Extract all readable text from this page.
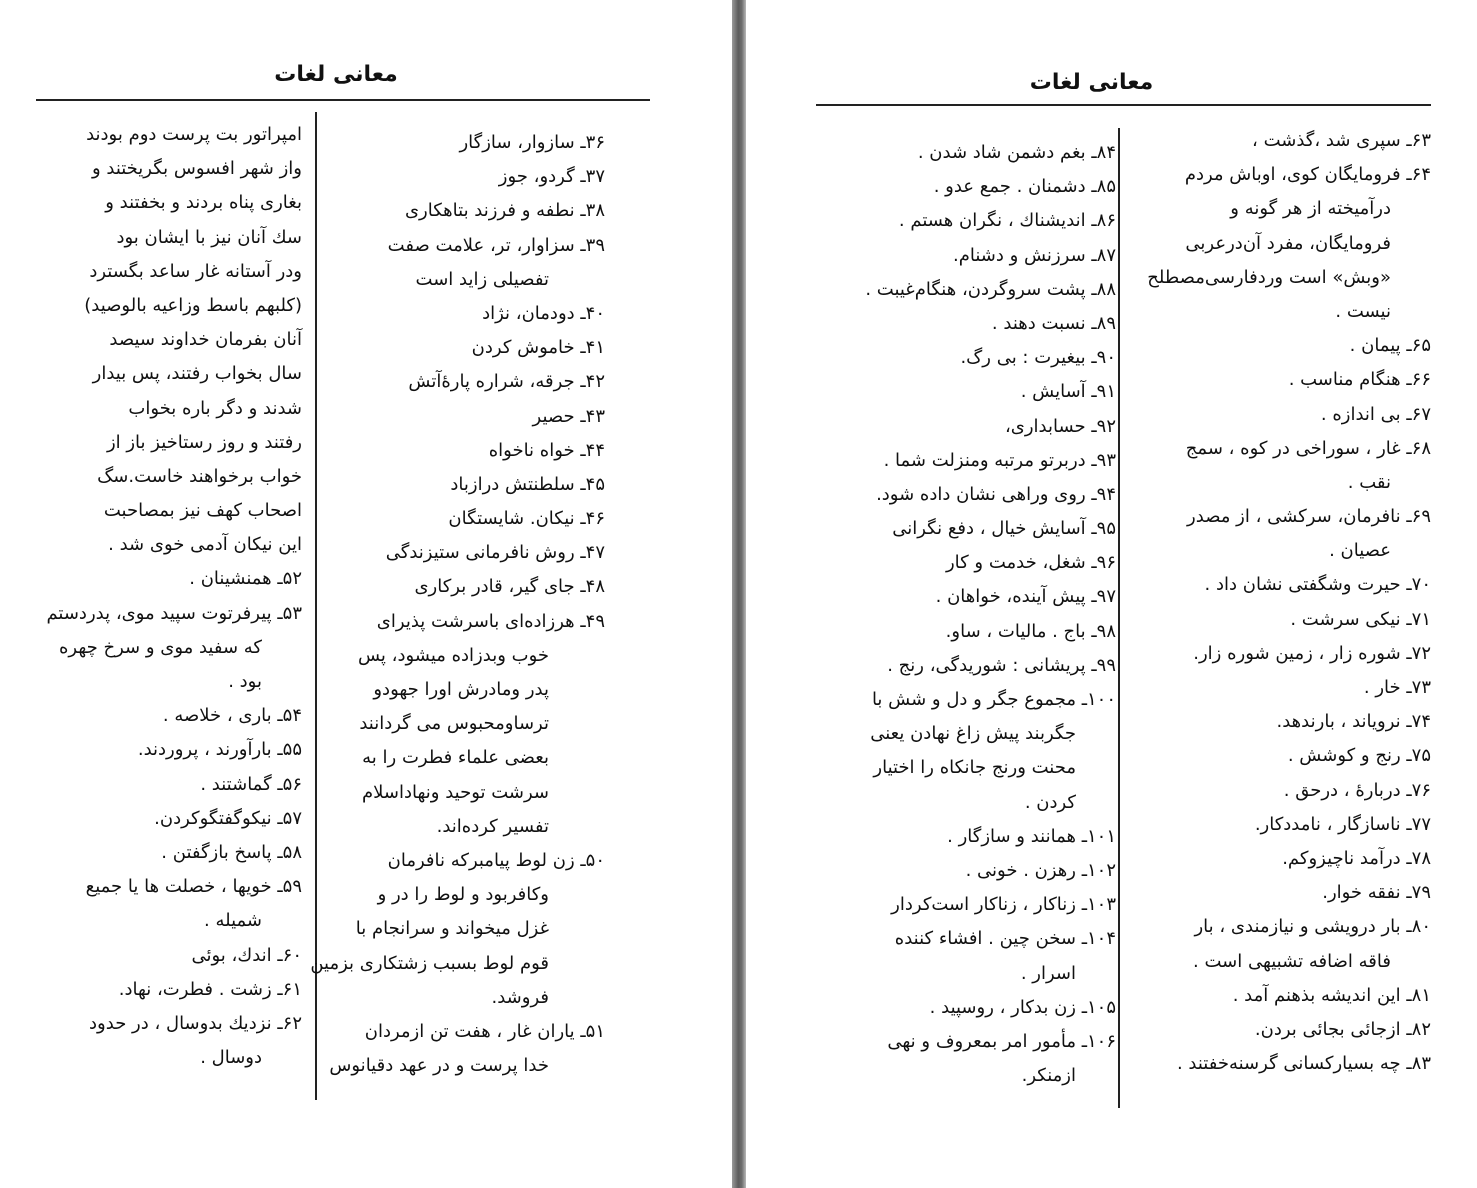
معانی لغات
۳۶ـ سازوار، سازگار
۳۷ـ گردو، جوز
۳۸ـ نطفه و فرزند بتاهکاری
۳۹ـ سزاوار، تر، علامت صفت
تفصیلی زاید است
۴۰ـ دودمان، نژاد
۴۱ـ خاموش کردن
۴۲ـ جرقه، شراره پارۀآتش
۴۳ـ حصیر
۴۴ـ خواه ناخواه
۴۵ـ سلطنتش درازباد
۴۶ـ نیکان. شایستگان
۴۷ـ روش نافرمانی ستیزندگی
۴۸ـ جای گیر، قادر برکاری
۴۹ـ هرزاده‌ای باسرشت پذیرای
خوب وبدزاده میشود، پس
پدر ومادرش اورا جهودو
ترساومحبوس می گردانند
بعضی علماء فطرت را به
سرشت توحید ونهاداسلام
تفسیر کرده‌اند.
۵۰ـ زن لوط پیامبرکه نافرمان
وکافربود و لوط را در و
غزل میخواند و سرانجام با
قوم لوط بسبب زشتکاری بزمین
فروشد.
۵۱ـ یاران غار ، هفت تن ازمردان
خدا پرست و در عهد دقیانوس
امپراتور بت پرست دوم بودند
واز شهر افسوس بگریختند و
بغاری پناه بردند و بخفتند و
سك آنان نیز با ایشان بود
ودر آستانه غار ساعد بگسترد
(کلبهم باسط وزاعیه بالوصید)
آنان بفرمان خداوند سیصد
سال بخواب رفتند، پس بیدار
شدند و دگر باره بخواب
رفتند و روز رستاخیز باز از
خواب برخواهند خاست.سگ
اصحاب کهف نیز بمصاحبت
این نیکان آدمی خوی شد .
۵۲ـ همنشینان .
۵۳ـ پیرفرتوت سپید موی، پدردستم
که سفید موی و سرخ چهره
بود .
۵۴ـ باری ، خلاصه .
۵۵ـ بارآورند ، پروردند.
۵۶ـ گماشتند .
۵۷ـ نیکوگفتگوکردن.
۵۸ـ پاسخ بازگفتن .
۵۹ـ خویها ، خصلت ها یا جمیع
شمیله .
۶۰ـ اندك، بوئی
۶۱ـ زشت . فطرت، نهاد.
۶۲ـ نزدیك بدوسال ، در حدود
دوسال .
معانی لغات
۶۳ـ سپری شد ،گذشت ،
۶۴ـ فرومایگان کوی، اوباش مردم
درآمیخته از هر گونه و
فرومایگان، مفرد آن‌درعربی
«وبش» است وردفارسی‌مصطلح
نیست .
۶۵ـ پیمان .
۶۶ـ هنگام مناسب .
۶۷ـ بی اندازه .
۶۸ـ غار ، سوراخی در کوه ، سمج
نقب .
۶۹ـ نافرمان، سرکشی ، از مصدر
عصیان .
۷۰ـ حیرت وشگفتی نشان داد .
۷۱ـ نیکی سرشت .
۷۲ـ شوره زار ، زمین شوره زار.
۷۳ـ خار .
۷۴ـ نرویاند ، بارندهد.
۷۵ـ رنج و کوشش .
۷۶ـ دربارۀ ، درحق .
۷۷ـ ناسازگار ، نامددکار.
۷۸ـ درآمد ناچیزوکم.
۷۹ـ نفقه خوار.
۸۰ـ بار درویشی و نیازمندی ، بار
فاقه اضافه تشبیهی است .
۸۱ـ این اندیشه بذهنم آمد .
۸۲ـ ازجائی بجائی بردن.
۸۳ـ چه بسیارکسانی گرسنه‌خفتند .
۸۴ـ بغم دشمن شاد شدن .
۸۵ـ دشمنان . جمع عدو .
۸۶ـ اندیشناك ، نگران هستم .
۸۷ـ سرزنش و دشنام.
۸۸ـ پشت سروگردن، هنگام‌غیبت .
۸۹ـ نسبت دهند .
۹۰ـ بیغیرت : بی رگ.
۹۱ـ آسایش .
۹۲ـ حسابداری،
۹۳ـ دربرتو مرتبه ومنزلت شما .
۹۴ـ روی وراهی نشان داده شود.
۹۵ـ آسایش خیال ، دفع نگرانی
۹۶ـ شغل، خدمت و کار
۹۷ـ پیش آینده، خواهان .
۹۸ـ باج . مالیات ، ساو.
۹۹ـ پریشانی : شوریدگی، رنج .
۱۰۰ـ مجموع جگر و دل و شش با
جگربند پیش زاغ نهادن یعنی
محنت ورنج جانکاه را اختیار
کردن .
۱۰۱ـ همانند و سازگار .
۱۰۲ـ رهزن . خونی .
۱۰۳ـ زناکار ، زناکار است‌کردار
۱۰۴ـ سخن چین . افشاء کننده
اسرار .
۱۰۵ـ زن بدکار ، روسپید .
۱۰۶ـ مأمور امر بمعروف و نهی
ازمنکر.
